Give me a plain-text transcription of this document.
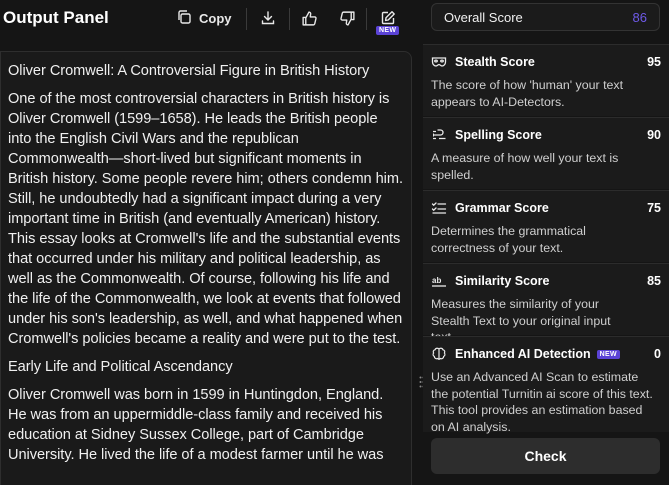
Output Panel	Copy
NEW

Oliver Cromwell: A Controversial Figure in British History

One of the most controversial characters in British history is Oliver Cromwell (1599–1658). He leads the British people into the English Civil Wars and the republican Commonwealth—short-lived but significant moments in British history. Some people revere him; others condemn him. Still, he undoubtedly had a significant impact during a very important time in British (and eventually American) history. This essay looks at Cromwell's life and the substantial events that occurred under his military and political leadership, as well as the Commonwealth. Of course, following his life and the life of the Commonwealth, we look at events that followed under his son's leadership, as well, and what happened when Cromwell's policies became a reality and were put to the test.

Early Life and Political Ascendancy

Oliver Cromwell was born in 1599 in Huntingdon, England. He was from an uppermiddle-class family and received his education at Sidney Sussex College, part of Cambridge University. He lived the life of a modest farmer until he was

Overall Score	86
Stealth Score	95
The score of how 'human' your text appears to AI-Detectors.
Spelling Score	90
A measure of how well your text is spelled.
Grammar Score	75
Determines the grammatical correctness of your text.
ab Similarity Score	85
Measures the similarity of your Stealth Text to your original input
Enhanced AI Detection	NEW	0
Use an Advanced AI Scan to estimate the potential Turnitin ai score of this text. This tool provides an estimation based on AI analysis.
Check
